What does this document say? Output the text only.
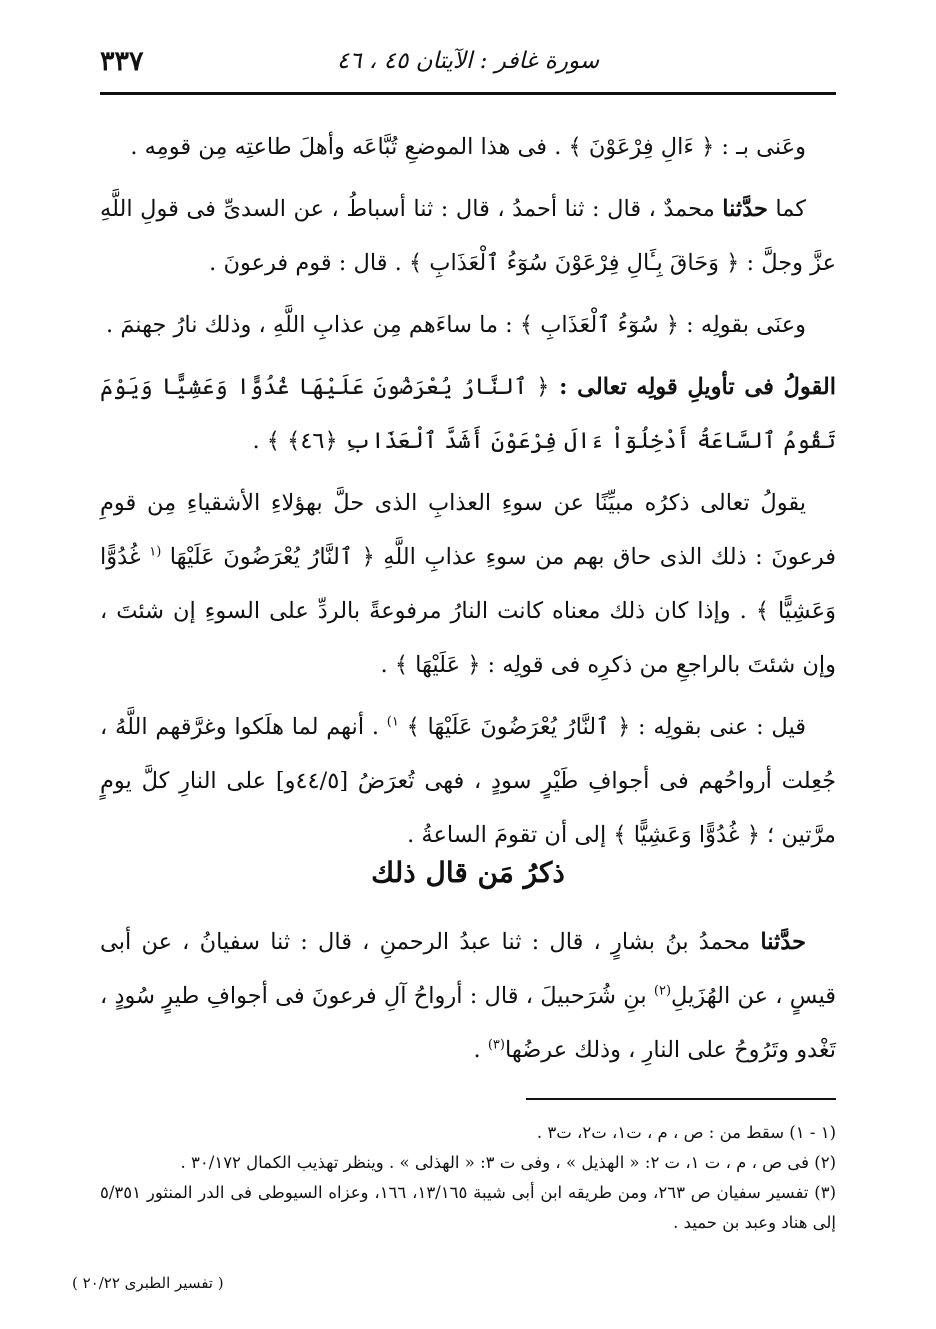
٣٣٧	سورة غافر : الآيتان ٤٥ ، ٤٦

وعَنى بـ : ﴿ ءَالِ فِرْعَوْنَ ﴾ . فى هذا الموضعِ تُبَّاعَه وأهلَ طاعتِه مِن قومِه .

كما حدَّثنا محمدٌ ، قال : ثنا أحمدُ ، قال : ثنا أسباطُ ، عن السدىِّ فى قولِ اللَّهِ عزَّ وجلَّ : ﴿ وَحَاقَ بِـَٔالِ فِرْعَوْنَ سُوٓءُ ٱلْعَذَابِ ﴾ . قال : قوم فرعونَ .

وعنَى بقولِه : ﴿ سُوٓءُ ٱلْعَذَابِ ﴾ : ما ساءَهم مِن عذابِ اللَّهِ ، وذلك نارُ جهنمَ .

القولُ فى تأويلِ قولِه تعالى : ﴿ ٱلنَّارُ يُعْرَضُونَ عَلَيْهَا غُدُوًّا وَعَشِيًّا وَيَوْمَ تَقُومُ ٱلسَّاعَةُ أَدْخِلُوٓاْ ءَالَ فِرْعَوْنَ أَشَدَّ ٱلْعَذَابِ ﴿٤٦﴾ ﴾ .

يقولُ تعالى ذكرُه مبيِّنًا عن سوءِ العذابِ الذى حلَّ بهؤلاءِ الأشقياءِ مِن قومِ فرعونَ : ذلك الذى حاق بهم من سوءِ عذابِ اللَّهِ ﴿ ٱلنَّارُ يُعْرَضُونَ عَلَيْهَا $^{(١}$ غُدُوًّا وَعَشِيًّا ﴾ . وإذا كان ذلك معناه كانت النارُ مرفوعةً بالردِّ على السوءِ إن شئتَ ، وإن شئتَ بالراجعِ من ذكرِه فى قولِه : ﴿ عَلَيْهَا ﴾ .

قيل : عنى بقولِه : ﴿ ٱلنَّارُ يُعْرَضُونَ عَلَيْهَا ﴾ $^{١)}$ . أنهم لما هلَكوا وغرَّقهم اللَّهُ ، جُعِلت أرواحُهم فى أجوافِ طَيْرٍ سودٍ ، فهى تُعرَضُ [٤٤/٥و] على النارِ كلَّ يومٍ مرَّتين ؛ ﴿ غُدُوًّا وَعَشِيًّا ﴾ إلى أن تقومَ الساعةُ .

ذكرُ مَن قال ذلك

حدَّثنا محمدُ بنُ بشارٍ ، قال : ثنا عبدُ الرحمنِ ، قال : ثنا سفيانُ ، عن أبى قيسٍ ، عن الهُزَيلِ$^{(٢)}$ بنِ شُرَحبيلَ ، قال : أرواحُ آلِ فرعونَ فى أجوافِ طيرٍ سُودٍ ، تَغْدو وتَرُوحُ على النارِ ، وذلك عرضُها$^{(٣)}$ .

(١ - ١) سقط من : ص ، م ، ت١، ت٢، ت٣ .

(٢) فى ص ، م ، ت ١، ت ٢: « الهذيل » ، وفى ت ٣: « الهذلى » . وينظر تهذيب الكمال ٣٠/١٧٢ .

(٣) تفسير سفيان ص ٢٦٣، ومن طريقه ابن أبى شيبة ١٣/١٦٥، ١٦٦، وعزاه السيوطى فى الدر المنثور ٥/٣٥١ إلى هناد وعبد بن حميد .

( تفسير الطبرى ٢٠/٢٢ )
